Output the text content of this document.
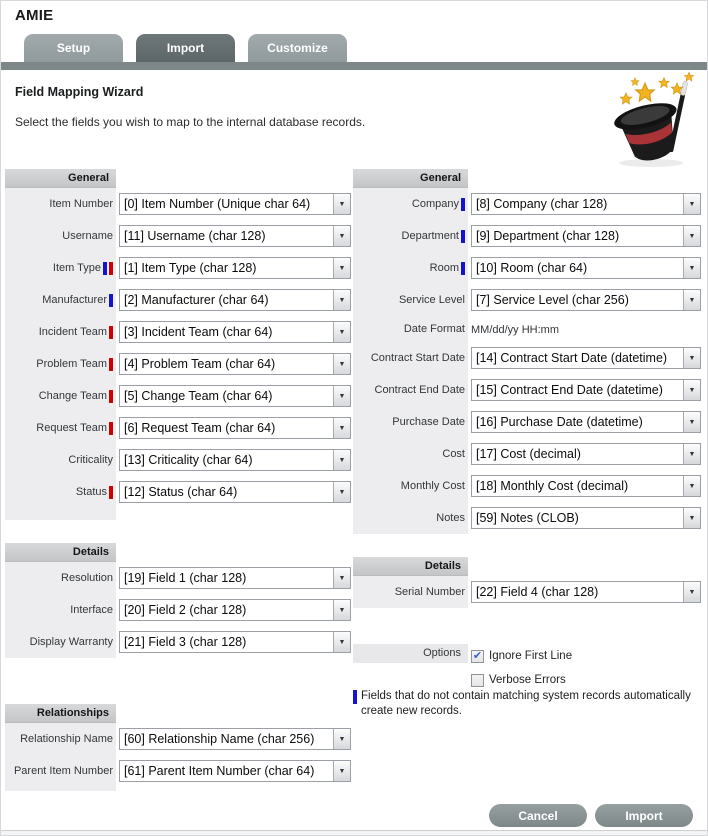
AMIE
Setup	Import	Customize
Field Mapping Wizard
Select the fields you wish to map to the internal database records.
General
Item Number [0] Item Number (Unique char 64)	▼
Username [11] Username (char 128)	▼
Item Type	[1] Item Type (char 128)	▼
Manufacturer	[2] Manufacturer (char 64)	▼
Incident Team	[3] Incident Team (char 64)	▼
Problem Team	[4] Problem Team (char 64)	▼
Change Team	[5] Change Team (char 64)	▼
Request Team	[6] Request Team (char 64)	▼
Criticality [13] Criticality (char 64)	▼
Status	[12] Status (char 64)	▼
Details
Resolution [19] Field 1 (char 128)	▼
Interface [20] Field 2 (char 128)	▼
Display Warranty [21] Field 3 (char 128)	▼
Relationships
Relationship Name [60] Relationship Name (char 256)	▼
Parent Item Number [61] Parent Item Number (char 64)	▼
General
Company	[8] Company (char 128)	▼
Department	[9] Department (char 128)	▼
Room	[10] Room (char 64)	▼
Service Level [7] Service Level (char 256)	▼
Date Format MM/dd/yy HH:mm
Contract Start Date [14] Contract Start Date (datetime)	▼
Contract End Date [15] Contract End Date (datetime)	▼
Purchase Date [16] Purchase Date (datetime)	▼
Cost [17] Cost (decimal)	▼
Monthly Cost [18] Monthly Cost (decimal)	▼
Notes [59] Notes (CLOB)	▼
Details
Serial Number [22] Field 4 (char 128)	▼
Options	✔ Ignore First Line
Verbose Errors
Fields that do not contain matching system records automatically create new records.
Cancel	Import
